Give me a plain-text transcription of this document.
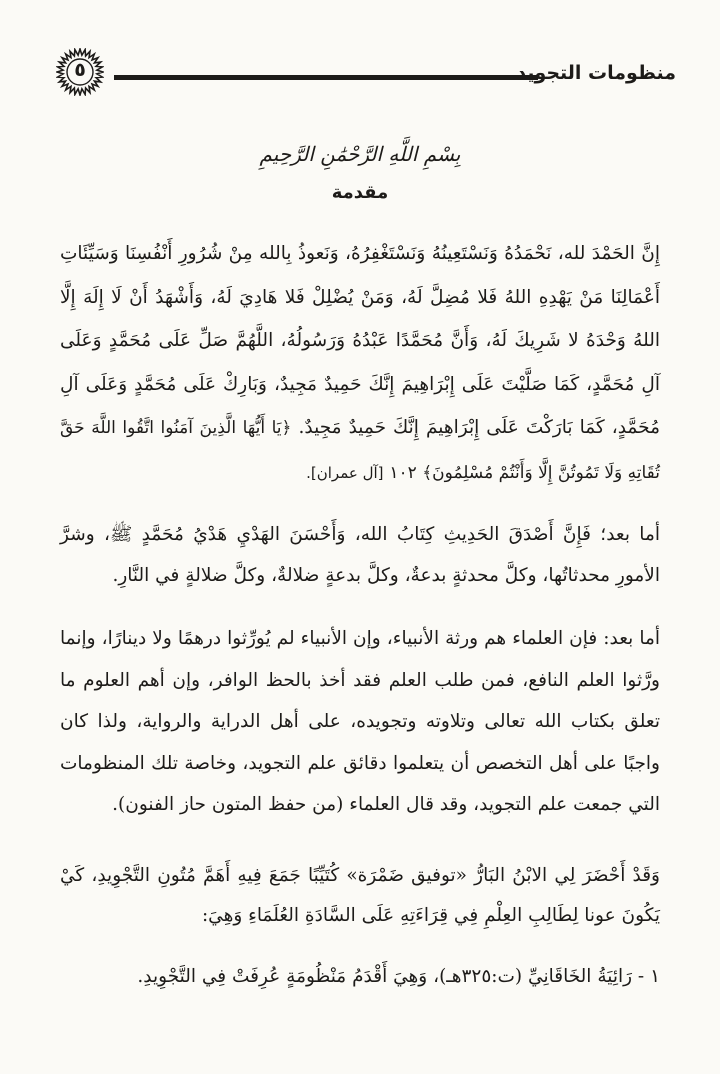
٥	منظومات التجويد
بِسْمِ اللَّهِ الرَّحْمَٰنِ الرَّحِيمِ
مقدمة
إِنَّ الحَمْدَ لله، نَحْمَدُهُ وَنَسْتَعِينُهُ وَنَسْتَغْفِرُهُ، وَنَعوذُ بِالله مِنْ شُرُورِ أَنْفُسِنَا وَسَيِّئَاتِ أَعْمَالِنَا مَنْ يَهْدِهِ اللهُ فَلا مُضِلَّ لَهُ، وَمَنْ يُضْلِلْ فَلا هَادِيَ لَهُ، وَأَشْهَدُ أَنْ لَا إِلَهَ إِلَّا اللهُ وَحْدَهُ لا شَرِيكَ لَهُ، وَأَنَّ مُحَمَّدًا عَبْدُهُ وَرَسُولُهُ، اللَّهُمَّ صَلِّ عَلَى مُحَمَّدٍ وَعَلَى آلِ مُحَمَّدٍ، كَمَا صَلَّيْتَ عَلَى إِبْرَاهِيمَ إِنَّكَ حَمِيدٌ مَجِيدٌ، وَبَارِكْ عَلَى مُحَمَّدٍ وَعَلَى آلِ مُحَمَّدٍ، كَمَا بَارَكْتَ عَلَى إِبْرَاهِيمَ إِنَّكَ حَمِيدٌ مَجِيدٌ. ﴿يَا أَيُّهَا الَّذِينَ آمَنُوا اتَّقُوا اللَّهَ حَقَّ تُقَاتِهِ وَلَا تَمُوتُنَّ إِلَّا وَأَنْتُمْ مُسْلِمُونَ﴾ ١٠٢ [آل عمران].
أما بعد؛ فَإِنَّ أَصْدَقَ الحَدِيثِ كِتَابُ الله، وَأَحْسَنَ الهَدْيِ هَدْيُ مُحَمَّدٍ ﷺ، وشرَّ الأمورِ محدثاتُها، وكلَّ محدثةٍ بدعةٌ، وكلَّ بدعةٍ ضلالةٌ، وكلَّ ضلالةٍ في النَّارِ.
أما بعد: فإن العلماء هم ورثة الأنبياء، وإن الأنبياء لم يُورِّثوا درهمًا ولا دينارًا، وإنما ورَّثوا العلم النافع، فمن طلب العلم فقد أخذ بالحظ الوافر، وإن أهم العلوم ما تعلق بكتاب الله تعالى وتلاوته وتجويده، على أهل الدراية والرواية، ولذا كان واجبًا على أهل التخصص أن يتعلموا دقائق علم التجويد، وخاصة تلك المنظومات التي جمعت علم التجويد، وقد قال العلماء (من حفظ المتون حاز الفنون).
وَقَدْ أَحْضَرَ لِي الابْنُ البَارُّ «توفيق ضَمْرَة» كُتَيِّبًا جَمَعَ فِيهِ أَهَمَّ مُتُونِ التَّجْوِيدِ، كَيْ يَكُونَ عونا لِطَالِبِ العِلْمِ فِي قِرَاءَتِهِ عَلَى السَّادَةِ العُلَمَاءِ وَهِيَ:
١ - رَائِيَةُ الخَاقَانِيِّ (ت:٣٢٥هـ)، وَهِيَ أَقْدَمُ مَنْظُومَةٍ عُرِفَتْ فِي التَّجْوِيدِ.
